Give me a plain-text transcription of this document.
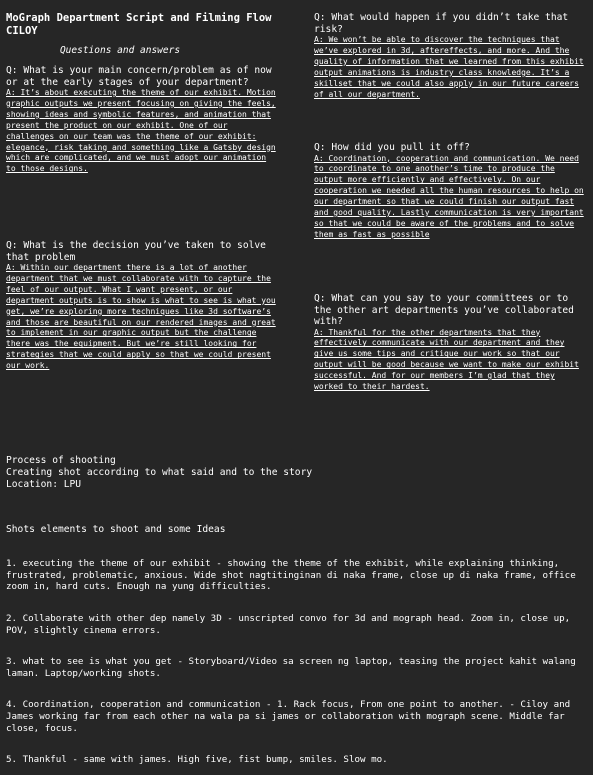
MoGraph Department Script and Filming Flow CILOY
Questions and answers
Q: What is your main concern/problem as of now or at the early stages of your department?
A: It’s about executing the theme of our exhibit. Motion graphic outputs we present focusing on giving the feels, showing ideas and symbolic features, and animation that present the product on our exhibit. One of our challenges on our team was the theme of our exhibit: elegance, risk taking and something like a Gatsby design which are complicated, and we must adopt our animation to those designs.
Q: What is the decision you’ve taken to solve that problem
A: Within our department there is a lot of another department that we must collaborate with to capture the feel of our output. What I want present, or our department outputs is to show is what to see is what you get, we’re exploring more techniques like 3d software’s and those are beautiful on our rendered images and great to implement in our graphic output but the challenge there was the equipment. But we’re still looking for strategies that we could apply so that we could present our work.
Q: What would happen if you didn’t take that risk?
A: We won’t be able to discover the techniques that we’ve explored in 3d, aftereffects, and more. And the quality of information that we learned from this exhibit output animations is industry class knowledge. It’s a skillset that we could also apply in our future careers of all our department.
Q: How did you pull it off?
A: Coordination, cooperation and communication. We need to coordinate to one another’s time to produce the output more efficiently and effectively. On our cooperation we needed all the human resources to help on our department so that we could finish our output fast and good quality. Lastly communication is very important so that we could be aware of the problems and to solve them as fast as possible
Q: What can you say to your committees or to the other art departments you’ve collaborated with?
A: Thankful for the other departments that they effectively communicate with our department and they give us some tips and critique our work so that our output will be good because we want to make our exhibit successful. And for our members I’m glad that they worked to their hardest.
Process of shooting
Creating shot according to what said and to the story
Location: LPU
Shots elements to shoot and some Ideas
1. executing the theme of our exhibit - showing the theme of the exhibit, while explaining thinking, frustrated, problematic, anxious. Wide shot nagtitinginan di naka frame, close up di naka frame, office zoom in, hard cuts. Enough na yung difficulties.
2. Collaborate with other dep namely 3D - unscripted convo for 3d and mograph head. Zoom in, close up, POV, slightly cinema errors.
3. what to see is what you get - Storyboard/Video sa screen ng laptop, teasing the project kahit walang laman. Laptop/working shots.
4. Coordination, cooperation and communication - 1. Rack focus, From one point to another. - Ciloy and James working far from each other na wala pa si james or collaboration with mograph scene. Middle far close, focus.
5. Thankful - same with james. High five, fist bump, smiles. Slow mo.
